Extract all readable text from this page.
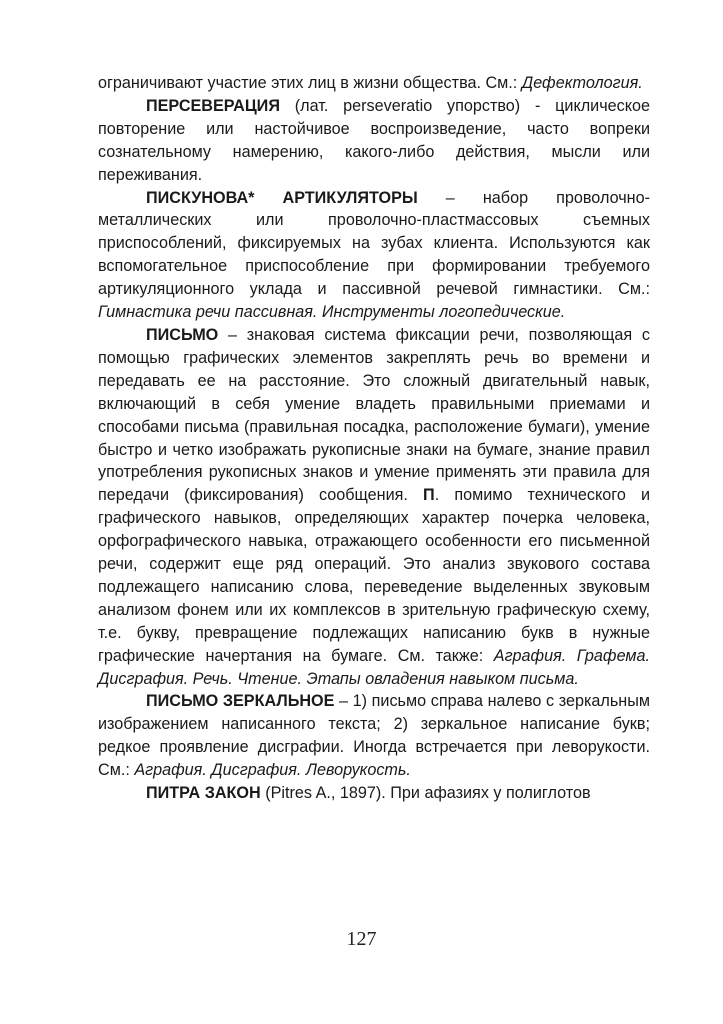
ограничивают участие этих лиц в жизни общества. См.: Дефектология.

ПЕРСЕВЕРАЦИЯ (лат. perseveratio упорство) - циклическое повторение или настойчивое воспроизведение, часто вопреки сознательному намерению, какого-либо действия, мысли или переживания.

ПИСКУНОВА* АРТИКУЛЯТОРЫ – набор проволочно-металлических или проволочно-пластмассовых съемных приспособлений, фиксируемых на зубах клиента. Используются как вспомогательное приспособление при формировании требуемого артикуляционного уклада и пассивной речевой гимнастики. См.: Гимнастика речи пассивная. Инструменты логопедические.

ПИСЬМО – знаковая система фиксации речи, позволяющая с помощью графических элементов закреплять речь во времени и передавать ее на расстояние. Это сложный двигательный навык, включающий в себя умение владеть правильными приемами и способами письма (правильная посадка, расположение бумаги), умение быстро и четко изображать рукописные знаки на бумаге, знание правил употребления рукописных знаков и умение применять эти правила для передачи (фиксирования) сообщения. П. помимо технического и графического навыков, определяющих характер почерка человека, орфографического навыка, отражающего особенности его письменной речи, содержит еще ряд операций. Это анализ звукового состава подлежащего написанию слова, переведение выделенных звуковым анализом фонем или их комплексов в зрительную графическую схему, т.е. букву, превращение подлежащих написанию букв в нужные графические начертания на бумаге. См. также: Аграфия. Графема. Дисграфия. Речь. Чтение. Этапы овладения навыком письма.

ПИСЬМО ЗЕРКАЛЬНОЕ – 1) письмо справа налево с зеркальным изображением написанного текста; 2) зеркальное написание букв; редкое проявление дисграфии. Иногда встречается при леворукости. См.: Аграфия. Дисграфия. Леворукость.

ПИТРА ЗАКОН (Pitres A., 1897). При афазиях у полиглотов

127
